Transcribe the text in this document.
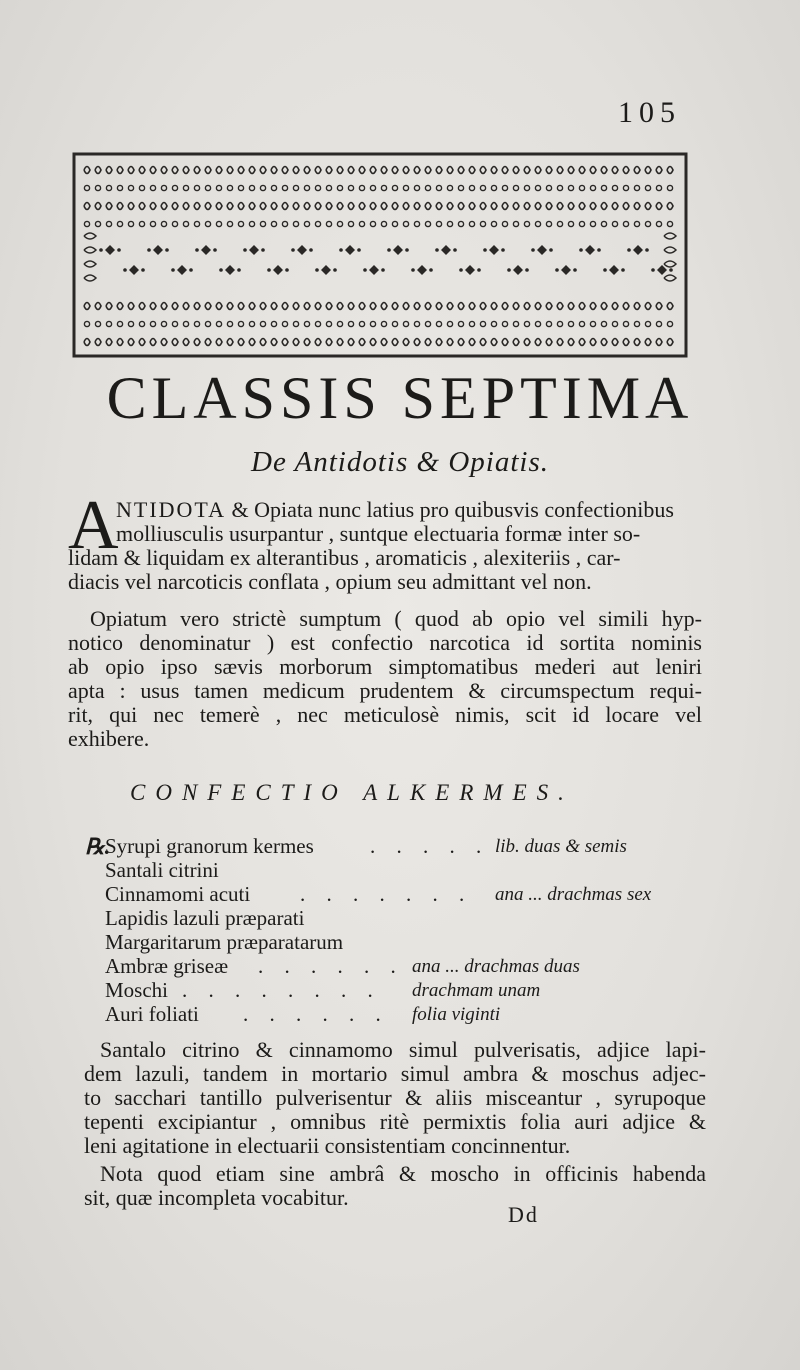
105
CLASSIS SEPTIMA
De Antidotis & Opiatis.
A
NTIDOTA & Opiata nunc latius pro quibusvis confectionibus
molliusculis usurpantur , suntque electuaria formæ inter so-
lidam & liquidam ex alterantibus , aromaticis , alexiteriis , car-
diacis vel narcoticis conflata , opium seu admittant vel non.
Opiatum vero strictè sumptum ( quod ab opio vel simili hyp-
notico denominatur ) est confectio narcotica id sortita nominis
ab opio ipso sævis morborum simptomatibus mederi aut leniri
apta : usus tamen medicum prudentem & circumspectum requi-
rit, qui nec temerè , nec meticulosè nimis, scit id locare vel
exhibere.
CONFECTIO ALKERMES.
℞.
Syrupi granorum kermes	. . . . . lib. duas & semis
Santali citrini
Cinnamomi acuti . . . . . . . ana ... drachmas sex
Lapidis lazuli præparati
Margaritarum præparatarum
Ambræ griseæ . . . . . . ana ... drachmas duas
Moschi . . . . . . . . drachmam unam
Auri foliati . . . . . . folia viginti
Santalo citrino & cinnamomo simul pulverisatis, adjice lapi-
dem lazuli, tandem in mortario simul ambra & moschus adjec-
to sacchari tantillo pulverisentur & aliis misceantur , syrupoque
tepenti excipiantur , omnibus ritè permixtis folia auri adjice &
leni agitatione in electuarii consistentiam concinnentur.
Nota quod etiam sine ambrâ & moscho in officinis habenda
sit, quæ incompleta vocabitur.
Dd
